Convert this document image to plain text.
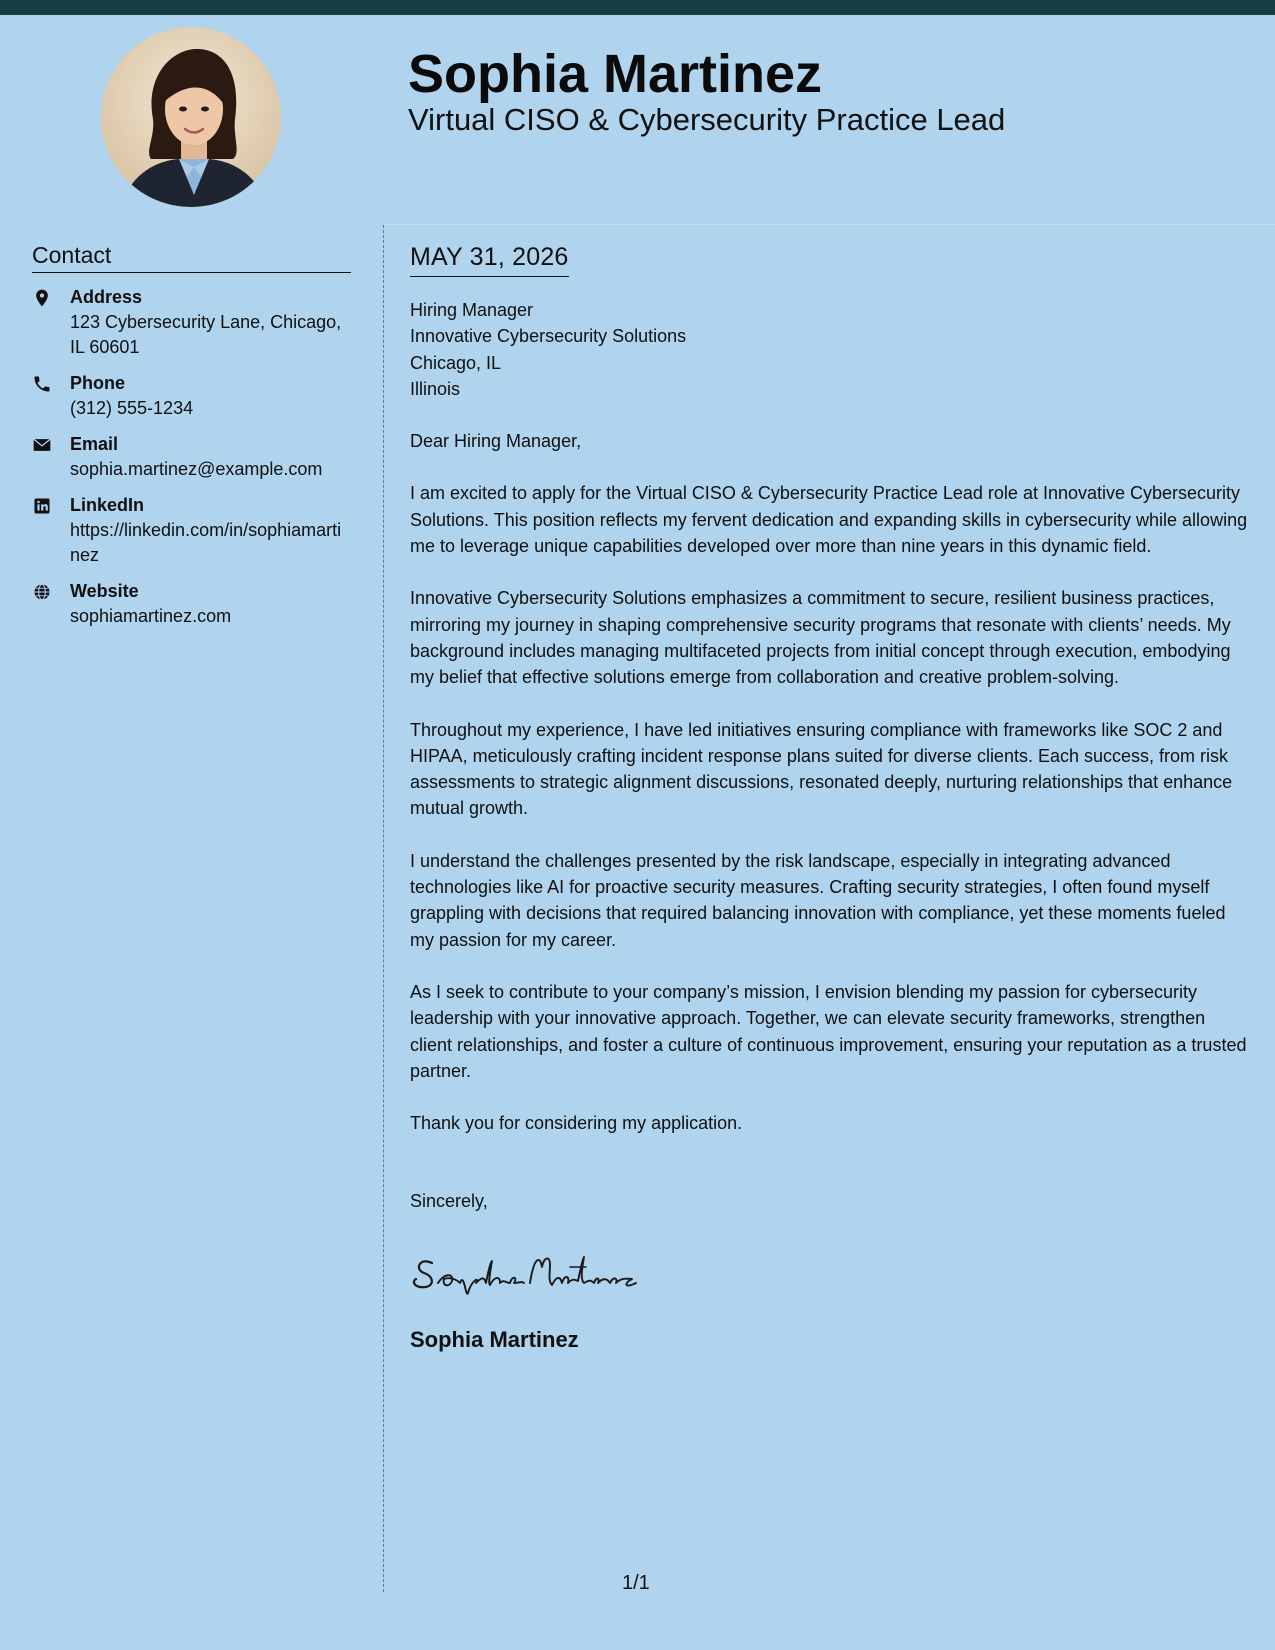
Sophia Martinez
Virtual CISO & Cybersecurity Practice Lead
Contact
Address
123 Cybersecurity Lane, Chicago, IL 60601
Phone
(312) 555-1234
Email
sophia.martinez@example.com
LinkedIn
https://linkedin.com/in/sophiamartinez
Website
sophiamartinez.com
MAY 31, 2026
Hiring Manager
Innovative Cybersecurity Solutions
Chicago, IL
Illinois
Dear Hiring Manager,

I am excited to apply for the Virtual CISO & Cybersecurity Practice Lead role at Innovative Cybersecurity Solutions. This position reflects my fervent dedication and expanding skills in cybersecurity while allowing me to leverage unique capabilities developed over more than nine years in this dynamic field.

Innovative Cybersecurity Solutions emphasizes a commitment to secure, resilient business practices, mirroring my journey in shaping comprehensive security programs that resonate with clients’ needs. My background includes managing multifaceted projects from initial concept through execution, embodying my belief that effective solutions emerge from collaboration and creative problem-solving.

Throughout my experience, I have led initiatives ensuring compliance with frameworks like SOC 2 and HIPAA, meticulously crafting incident response plans suited for diverse clients. Each success, from risk assessments to strategic alignment discussions, resonated deeply, nurturing relationships that enhance mutual growth.

I understand the challenges presented by the risk landscape, especially in integrating advanced technologies like AI for proactive security measures. Crafting security strategies, I often found myself grappling with decisions that required balancing innovation with compliance, yet these moments fueled my passion for my career.

As I seek to contribute to your company’s mission, I envision blending my passion for cybersecurity leadership with your innovative approach. Together, we can elevate security frameworks, strengthen client relationships, and foster a culture of continuous improvement, ensuring your reputation as a trusted partner.

Thank you for considering my application.

Sincerely,
Sophia Martinez
1/1
